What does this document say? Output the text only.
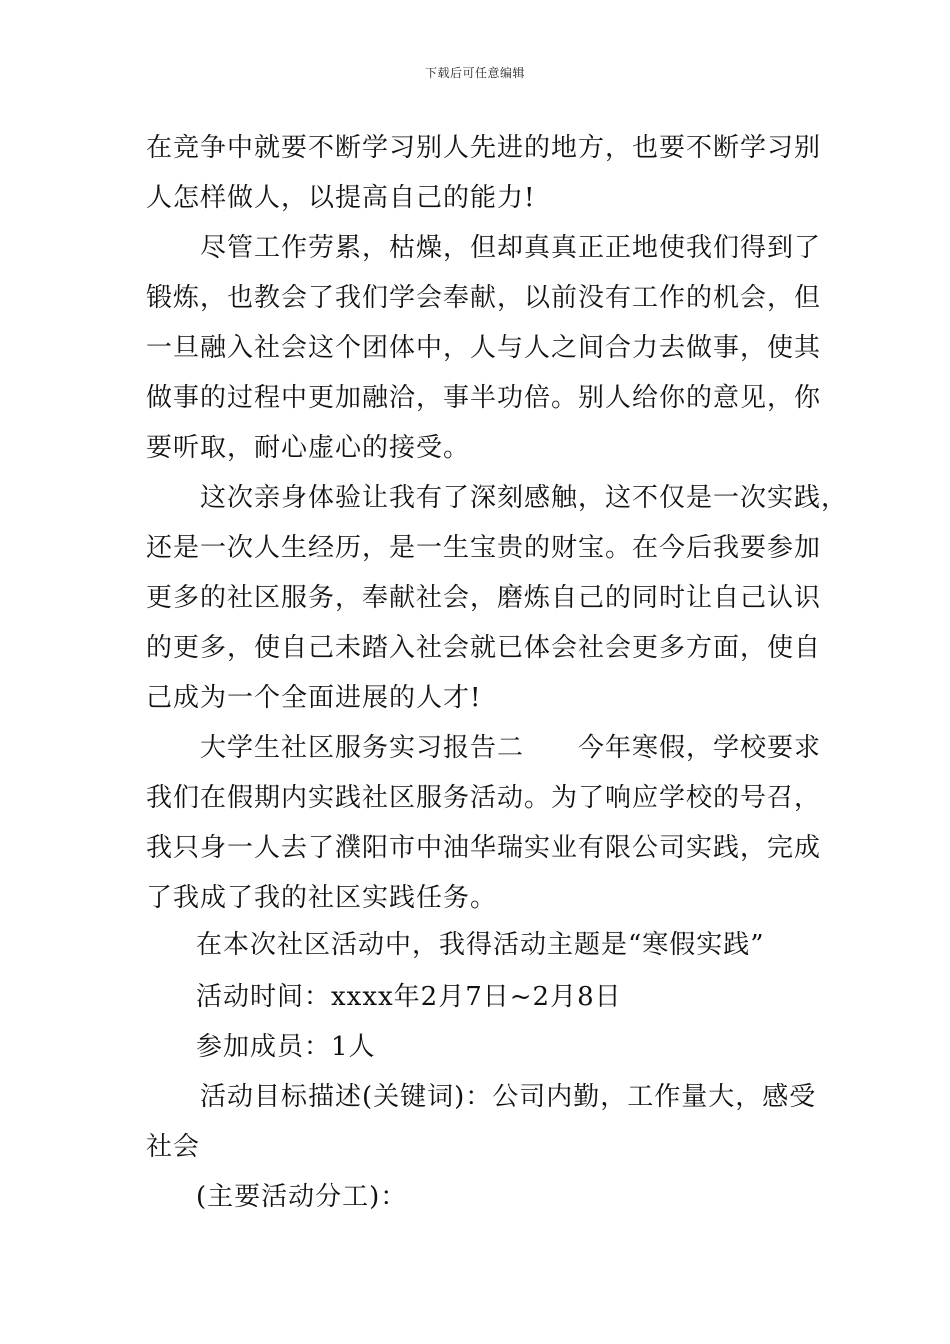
下载后可任意编辑
在竞争中就要不断学习别人先进的地方，也要不断学习别
人怎样做人，以提高自己的能力!
尽管工作劳累，枯燥，但却真真正正地使我们得到了
锻炼，也教会了我们学会奉献，以前没有工作的机会，但
一旦融入社会这个团体中，人与人之间合力去做事，使其
做事的过程中更加融洽，事半功倍。别人给你的意见，你
要听取，耐心虚心的接受。
这次亲身体验让我有了深刻感触，这不仅是一次实践，
还是一次人生经历，是一生宝贵的财宝。在今后我要参加
更多的社区服务，奉献社会，磨炼自己的同时让自己认识
的更多，使自己未踏入社会就已体会社会更多方面，使自
己成为一个全面进展的人才!
大学生社区服务实习报告二　　今年寒假，学校要求
我们在假期内实践社区服务活动。为了响应学校的号召，
我只身一人去了濮阳市中油华瑞实业有限公司实践，完成
了我成了我的社区实践任务。
在本次社区活动中，我得活动主题是“寒假实践”
活动时间：xxxx年2月7日~2月8日
参加成员：1人
活动目标描述(关键词)：公司内勤，工作量大，感受
社会
(主要活动分工)：
